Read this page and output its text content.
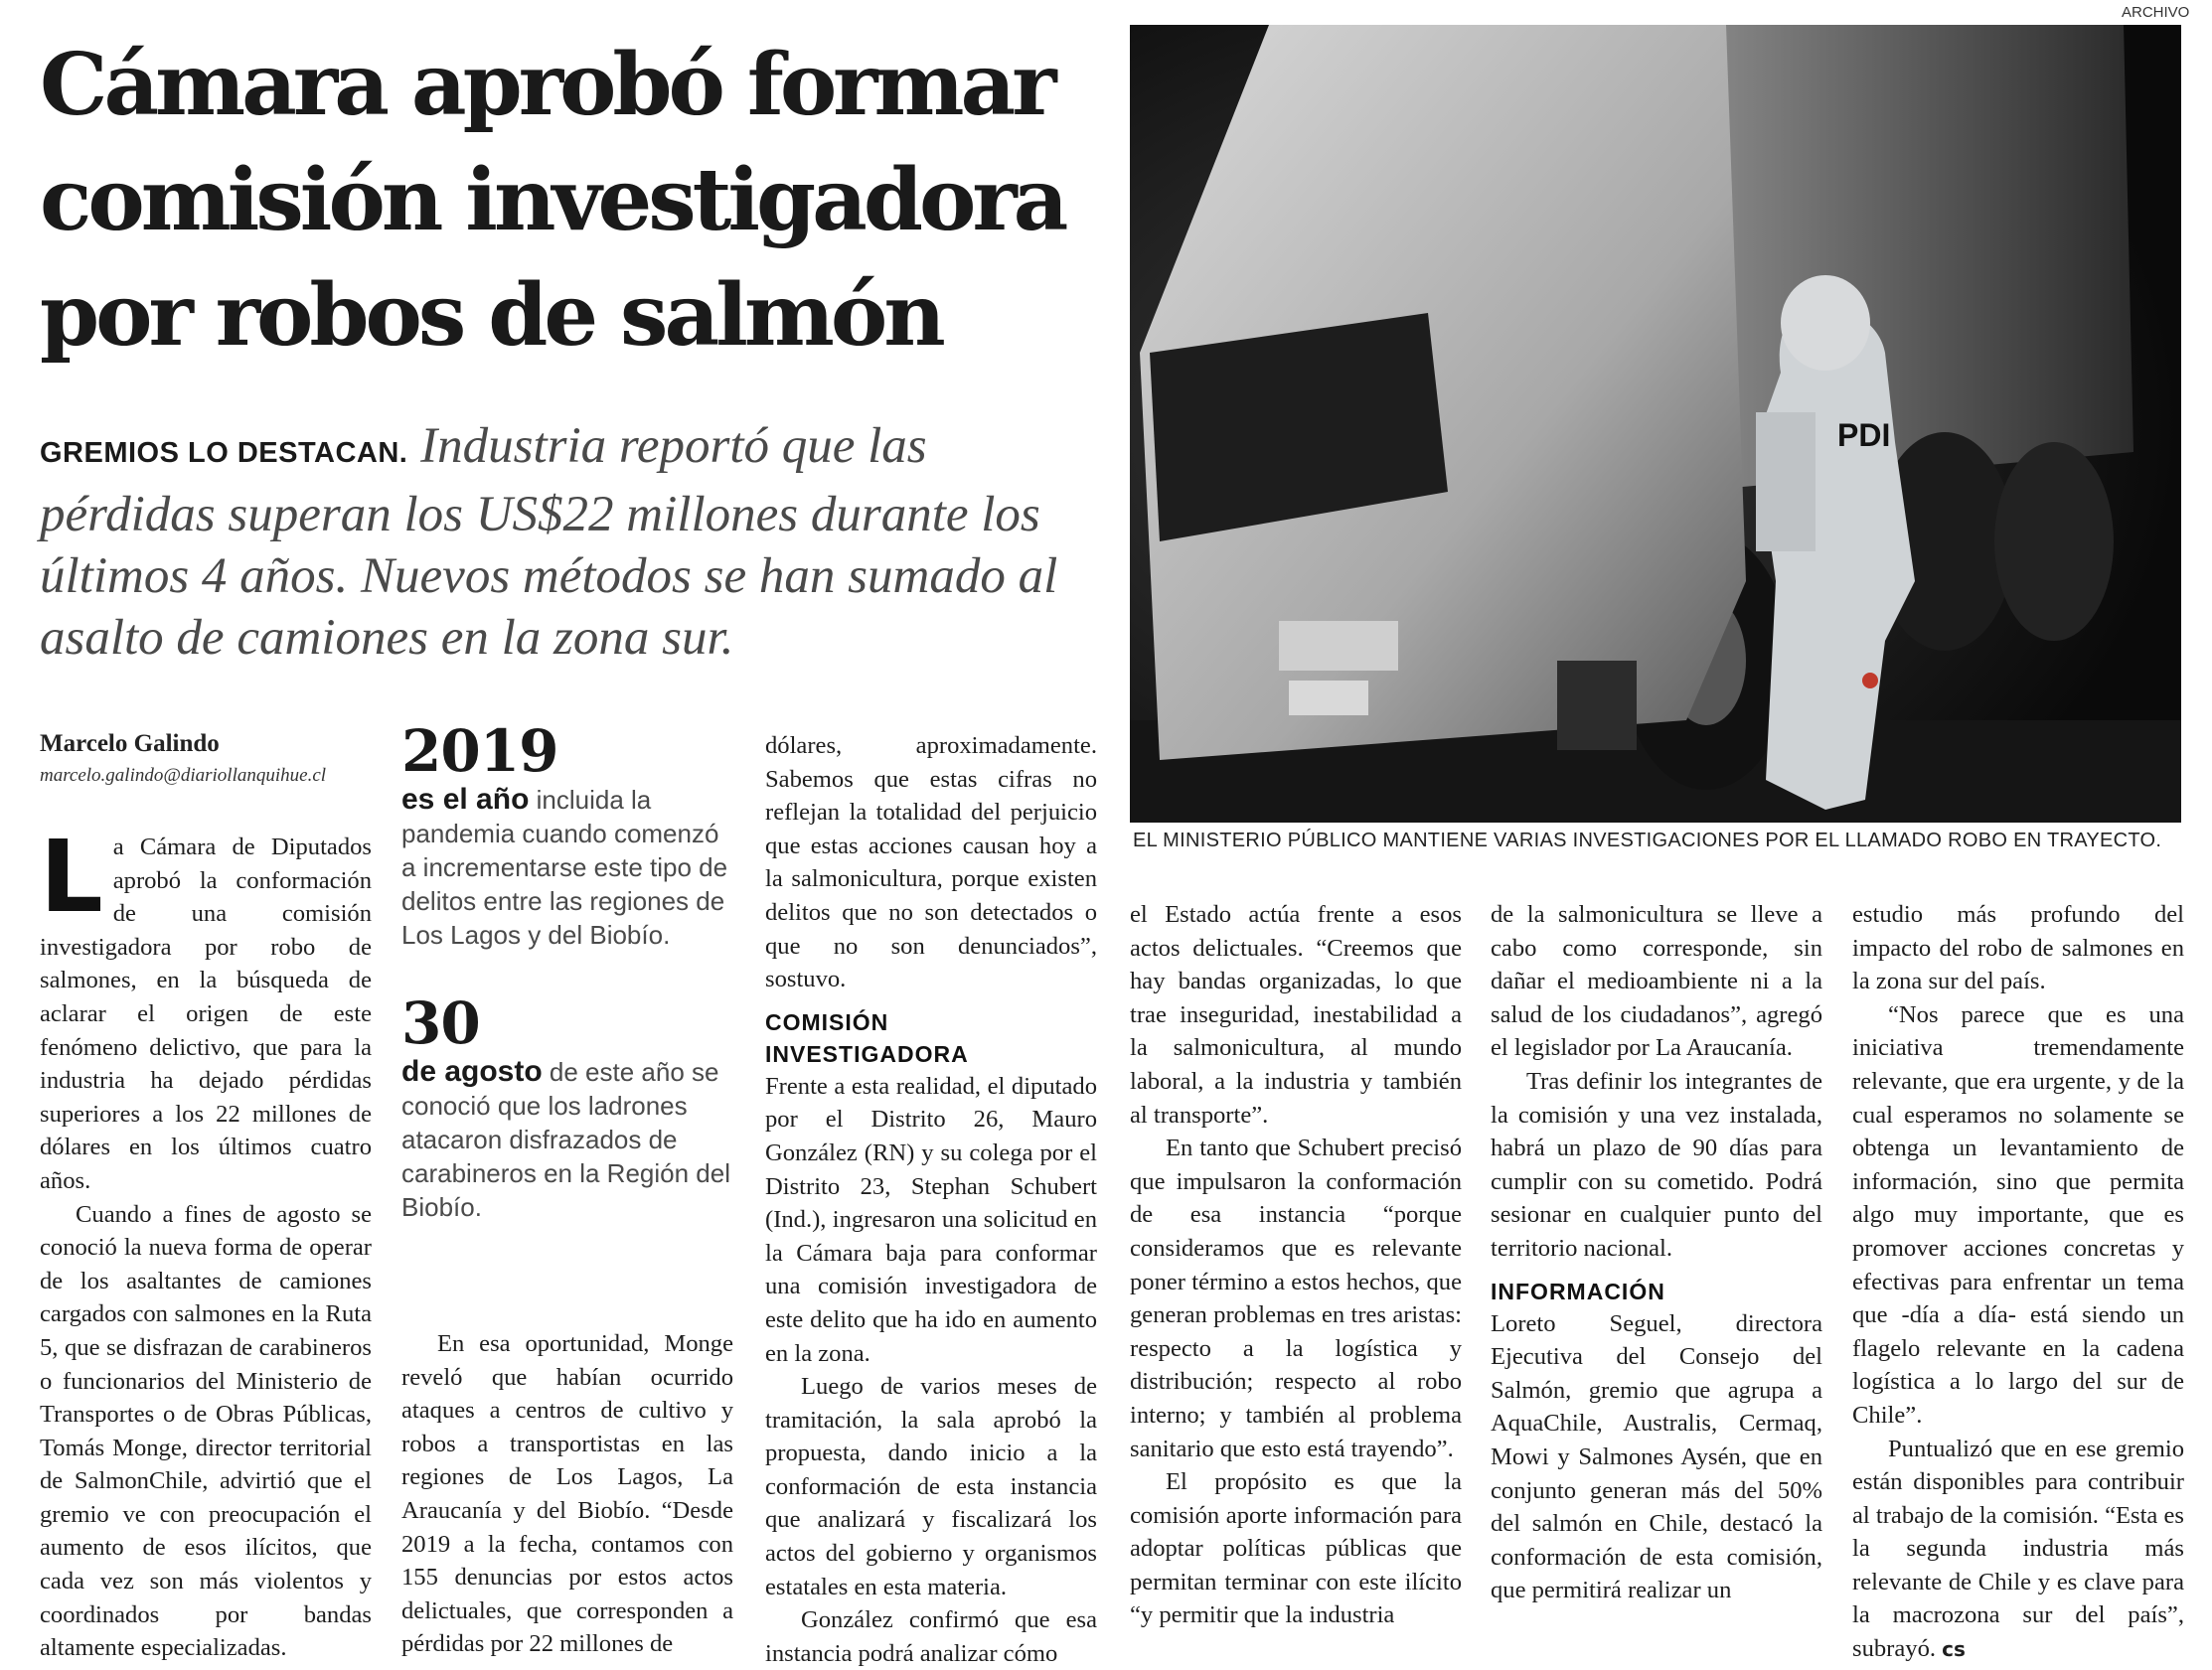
Cámara aprobó formar
comisión investigadora
por robos de salmón
GREMIOS LO DESTACAN. Industria reportó que las pérdidas superan los US$22 millones durante los últimos 4 años. Nuevos métodos se han sumado al asalto de camiones en la zona sur.
Marcelo Galindo
marcelo.galindo@diariollanquihue.cl
ARCHIVO
PDI
EL MINISTERIO PÚBLICO MANTIENE VARIAS INVESTIGACIONES POR EL LLAMADO ROBO EN TRAYECTO.

La Cámara de Diputados aprobó la conformación de una comisión investigadora por robo de salmones, en la búsqueda de aclarar el origen de este fenómeno delictivo, que para la industria ha dejado pérdidas superiores a los 22 millones de dólares en los últimos cuatro años.

Cuando a fines de agosto se conoció la nueva forma de operar de los asaltantes de camiones cargados con salmones en la Ruta 5, que se disfrazan de carabineros o funcionarios del Ministerio de Transportes o de Obras Públicas, Tomás Monge, director territorial de SalmonChile, advirtió que el gremio ve con preocupación el aumento de esos ilícitos, que cada vez son más violentos y coordinados por bandas altamente especializadas.

2019
es el año incluida la pandemia cuando comenzó a incrementarse este tipo de delitos entre las regiones de Los Lagos y del Biobío.
30
de agosto de este año se conoció que los ladrones atacaron disfrazados de carabineros en la Región del Biobío.

En esa oportunidad, Monge reveló que habían ocurrido ataques a centros de cultivo y robos a transportistas en las regiones de Los Lagos, La Araucanía y del Biobío. “Desde 2019 a la fecha, contamos con 155 denuncias por estos actos delictuales, que corresponden a pérdidas por 22 millones de

dólares, aproximadamente. Sabemos que estas cifras no reflejan la totalidad del perjuicio que estas acciones causan hoy a la salmonicultura, porque existen delitos que no son detectados o que no son denunciados”, sostuvo.

COMISIÓN INVESTIGADORA

Frente a esta realidad, el diputado por el Distrito 26, Mauro González (RN) y su colega por el Distrito 23, Stephan Schubert (Ind.), ingresaron una solicitud en la Cámara baja para conformar una comisión investigadora de este delito que ha ido en aumento en la zona.

Luego de varios meses de tramitación, la sala aprobó la propuesta, dando inicio a la conformación de esta instancia que analizará y fiscalizará los actos del gobierno y organismos estatales en esta materia.

González confirmó que esa instancia podrá analizar cómo

el Estado actúa frente a esos actos delictuales. “Creemos que hay bandas organizadas, lo que trae inseguridad, inestabilidad a la salmonicultura, al mundo laboral, a la industria y también al transporte”.

En tanto que Schubert precisó que impulsaron la conformación de esa instancia “porque consideramos que es relevante poner término a estos hechos, que generan problemas en tres aristas: respecto a la logística y distribución; respecto al robo interno; y también al problema sanitario que esto está trayendo”.

El propósito es que la comisión aporte información para adoptar políticas públicas que permitan terminar con este ilícito “y permitir que la industria

de la salmonicultura se lleve a cabo como corresponde, sin dañar el medioambiente ni a la salud de los ciudadanos”, agregó el legislador por La Araucanía.

Tras definir los integrantes de la comisión y una vez instalada, habrá un plazo de 90 días para cumplir con su cometido. Podrá sesionar en cualquier punto del territorio nacional.

INFORMACIÓN

Loreto Seguel, directora Ejecutiva del Consejo del Salmón, gremio que agrupa a AquaChile, Australis, Cermaq, Mowi y Salmones Aysén, que en conjunto generan más del 50% del salmón en Chile, destacó la conformación de esta comisión, que permitirá realizar un

estudio más profundo del impacto del robo de salmones en la zona sur del país.

“Nos parece que es una iniciativa tremendamente relevante, que era urgente, y de la cual esperamos no solamente se obtenga un levantamiento de información, sino que permita algo muy importante, que es promover acciones concretas y efectivas para enfrentar un tema que -día a día- está siendo un flagelo relevante en la cadena logística a lo largo del sur de Chile”.

Puntualizó que en ese gremio están disponibles para contribuir al trabajo de la comisión. “Esta es la segunda industria más relevante de Chile y es clave para la macrozona sur del país”, subrayó. cs
